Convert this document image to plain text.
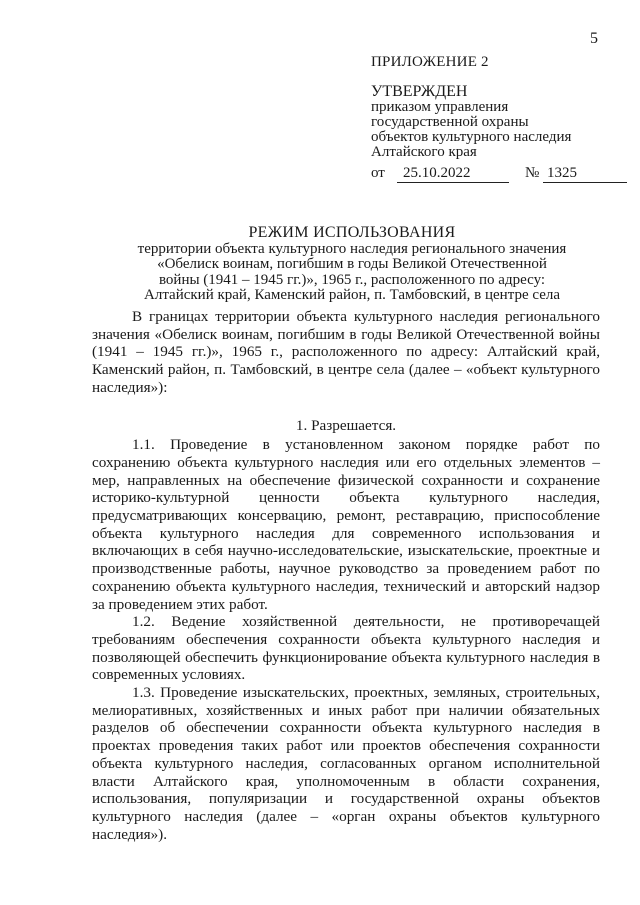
5
ПРИЛОЖЕНИЕ 2
УТВЕРЖДЕН
приказом управления
государственной охраны
объектов культурного наследия
Алтайского края
от	25.10.2022	№ 1325
РЕЖИМ ИСПОЛЬЗОВАНИЯ
территории объекта культурного наследия регионального значения
«Обелиск воинам, погибшим в годы Великой Отечественной
войны (1941 – 1945 гг.)», 1965 г., расположенного по адресу:
Алтайский край, Каменский район, п. Тамбовский, в центре села

В границах территории объекта культурного наследия регионального значения «Обелиск воинам, погибшим в годы Великой Отечественной войны (1941 – 1945 гг.)», 1965 г., расположенного по адресу: Алтайский край, Каменский район, п. Тамбовский, в центре села (далее – «объект культурного наследия»):

1. Разрешается.

1.1. Проведение в установленном законом порядке работ по сохранению объекта культурного наследия или его отдельных элементов – мер, направленных на обеспечение физической сохранности и сохранение историко-культурной ценности объекта культурного наследия, предусматривающих консервацию, ремонт, реставрацию, приспособление объекта культурного наследия для современного использования и включающих в себя научно-исследовательские, изыскательские, проектные и производственные работы, научное руководство за проведением работ по сохранению объекта культурного наследия, технический и авторский надзор за проведением этих работ.

1.2. Ведение хозяйственной деятельности, не противоречащей требованиям обеспечения сохранности объекта культурного наследия и позволяющей обеспечить функционирование объекта культурного наследия в современных условиях.

1.3. Проведение изыскательских, проектных, земляных, строительных, мелиоративных, хозяйственных и иных работ при наличии обязательных разделов об обеспечении сохранности объекта культурного наследия в проектах проведения таких работ или проектов обеспечения сохранности объекта культурного наследия, согласованных органом исполнительной власти Алтайского края, уполномоченным в области сохранения, использования, популяризации и государственной охраны объектов культурного наследия (далее – «орган охраны объектов культурного наследия»).
